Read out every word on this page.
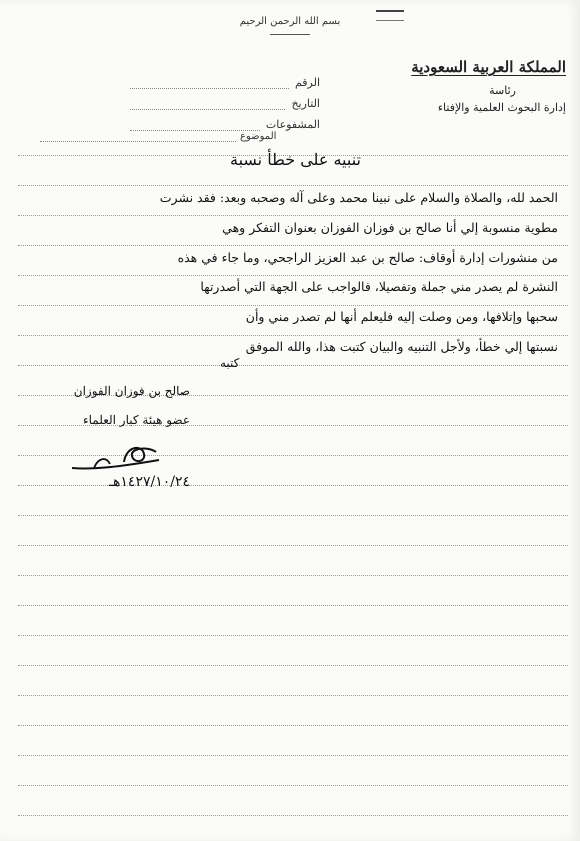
بسم الله الرحمن الرحيم
المملكة العربية السعودية
رئاسة
إدارة البحوث العلمية والإفتاء
الرقم
التاريخ
المشفوعات
الموضوع
تنبيه على خطأ نسبة
الحمد لله، والصلاة والسلام على نبينا محمد وعلى آله وصحبه وبعد: فقد نشرت
مطوية منسوبة إلي أنا صالح بن فوزان الفوزان بعنوان التفكر وهي
من منشورات إدارة أوقاف: صالح بن عبد العزيز الراجحي، وما جاء في هذه
النشرة لم يصدر مني جملة وتفصيلا، فالواجب على الجهة التي أصدرتها
سحبها وإتلافها، ومن وصلت إليه فليعلم أنها لم تصدر مني وأن
نسبتها إلي خطأ، ولأجل التنبيه والبيان كتبت هذا، والله الموفق
كتبه
صالح بن فوزان الفوزان
عضو هيئة كبار العلماء
١٤٢٧/١٠/٢٤هـ
